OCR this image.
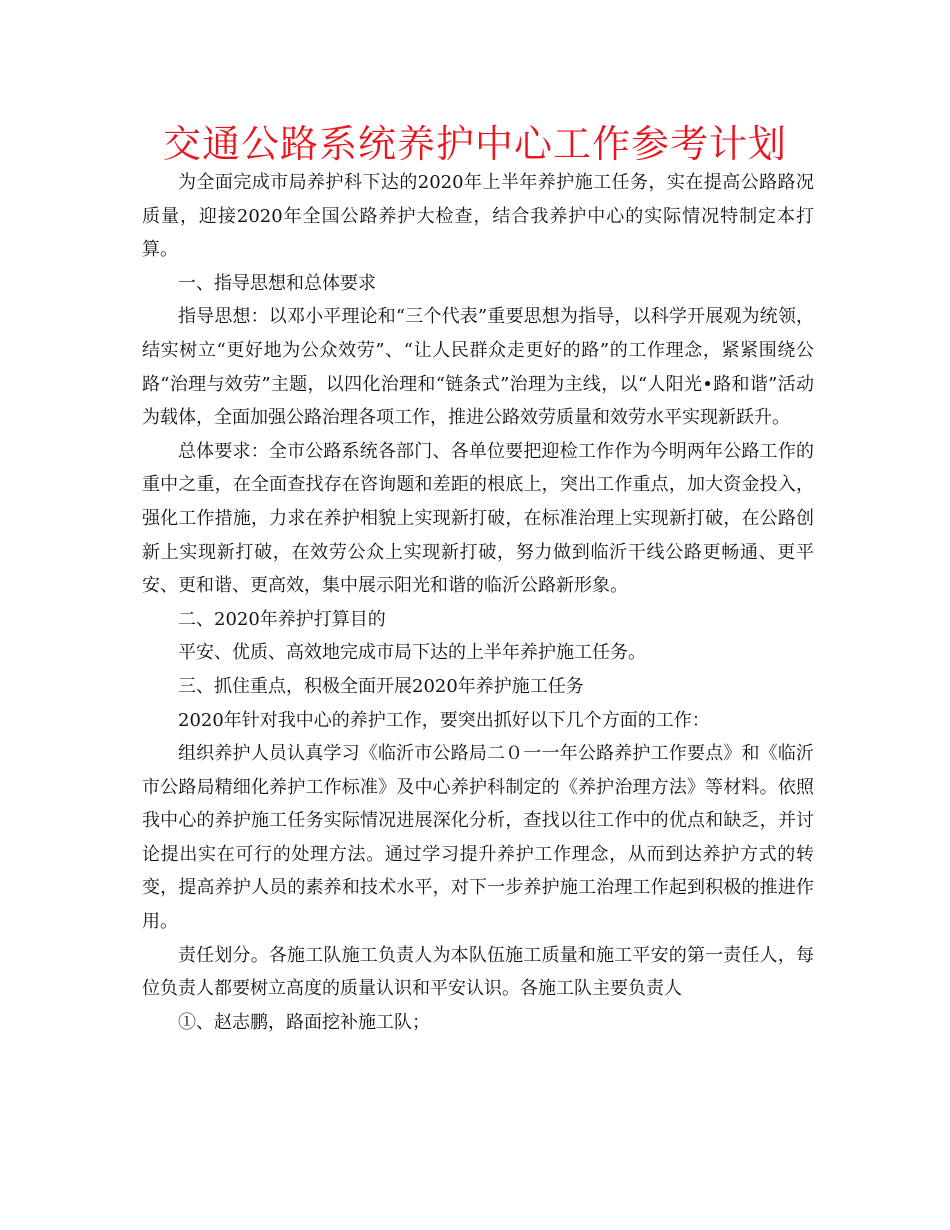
交通公路系统养护中心工作参考计划

为全面完成市局养护科下达的2020年上半年养护施工任务，实在提高公路路况质量，迎接2020年全国公路养护大检查，结合我养护中心的实际情况特制定本打算。

一、指导思想和总体要求

指导思想：以邓小平理论和“三个代表”重要思想为指导，以科学开展观为统领，结实树立“更好地为公众效劳”、“让人民群众走更好的路”的工作理念，紧紧围绕公路“治理与效劳”主题，以四化治理和“链条式”治理为主线，以“人阳光•路和谐”活动为载体，全面加强公路治理各项工作，推进公路效劳质量和效劳水平实现新跃升。

总体要求：全市公路系统各部门、各单位要把迎检工作作为今明两年公路工作的重中之重，在全面查找存在咨询题和差距的根底上，突出工作重点，加大资金投入，强化工作措施，力求在养护相貌上实现新打破，在标准治理上实现新打破，在公路创新上实现新打破，在效劳公众上实现新打破，努力做到临沂干线公路更畅通、更平安、更和谐、更高效，集中展示阳光和谐的临沂公路新形象。

二、2020年养护打算目的

平安、优质、高效地完成市局下达的上半年养护施工任务。

三、抓住重点，积极全面开展2020年养护施工任务

2020年针对我中心的养护工作，要突出抓好以下几个方面的工作：

组织养护人员认真学习《临沂市公路局二０一一年公路养护工作要点》和《临沂市公路局精细化养护工作标准》及中心养护科制定的《养护治理方法》等材料。依照我中心的养护施工任务实际情况进展深化分析，查找以往工作中的优点和缺乏，并讨论提出实在可行的处理方法。通过学习提升养护工作理念，从而到达养护方式的转变，提高养护人员的素养和技术水平，对下一步养护施工治理工作起到积极的推进作用。

责任划分。各施工队施工负责人为本队伍施工质量和施工平安的第一责任人，每位负责人都要树立高度的质量认识和平安认识。各施工队主要负责人

①、赵志鹏，路面挖补施工队；
